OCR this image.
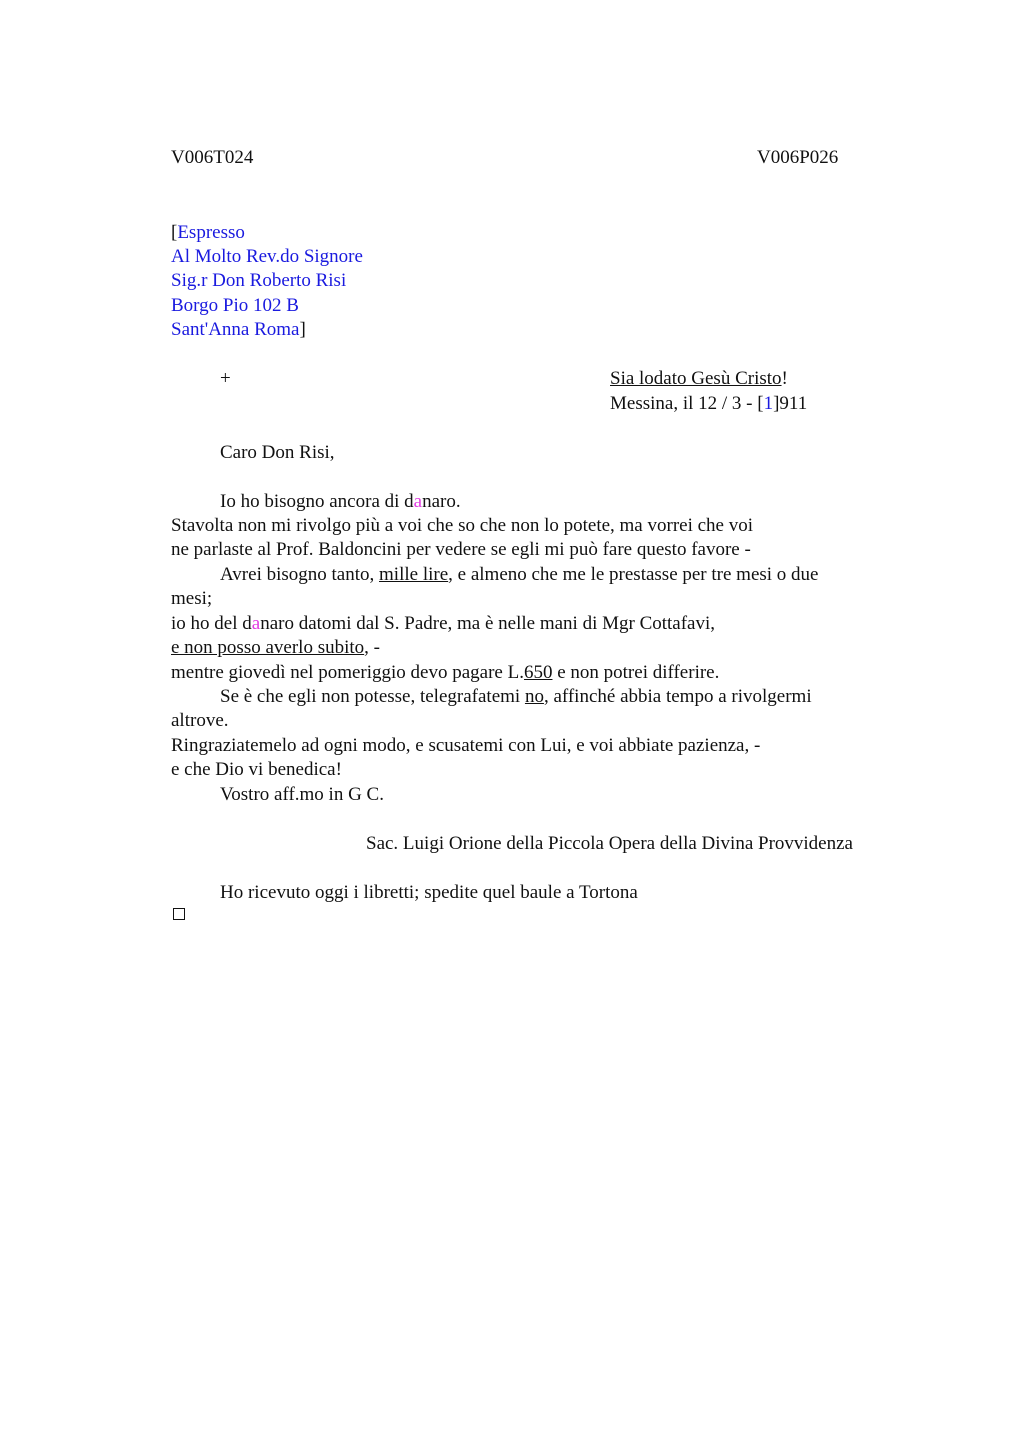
V006T024	V006P026
[Espresso
Al Molto Rev.do Signore
Sig.r Don Roberto Risi
Borgo Pio 102 B
Sant'Anna Roma]
+	Sia lodato Gesù Cristo!
Messina, il 12 / 3 - [1]911
Caro Don Risi,
Io ho bisogno ancora di danaro.
Stavolta non mi rivolgo più a voi che so che non lo potete, ma vorrei che voi
ne parlaste al Prof. Baldoncini per vedere se egli mi può fare questo favore -
Avrei bisogno tanto, mille lire, e almeno che me le prestasse per tre mesi o due
mesi;
io ho del danaro datomi dal S. Padre, ma è nelle mani di Mgr Cottafavi,
e non posso averlo subito, -
mentre giovedì nel pomeriggio devo pagare L.650 e non potrei differire.
Se è che egli non potesse, telegrafatemi no, affinché abbia tempo a rivolgermi
altrove.
Ringraziatemelo ad ogni modo, e scusatemi con Lui, e voi abbiate pazienza, -
e che Dio vi benedica!
Vostro aff.mo in G C.
Sac. Luigi Orione della Piccola Opera della Divina Provvidenza
Ho ricevuto oggi i libretti; spedite quel baule a Tortona
